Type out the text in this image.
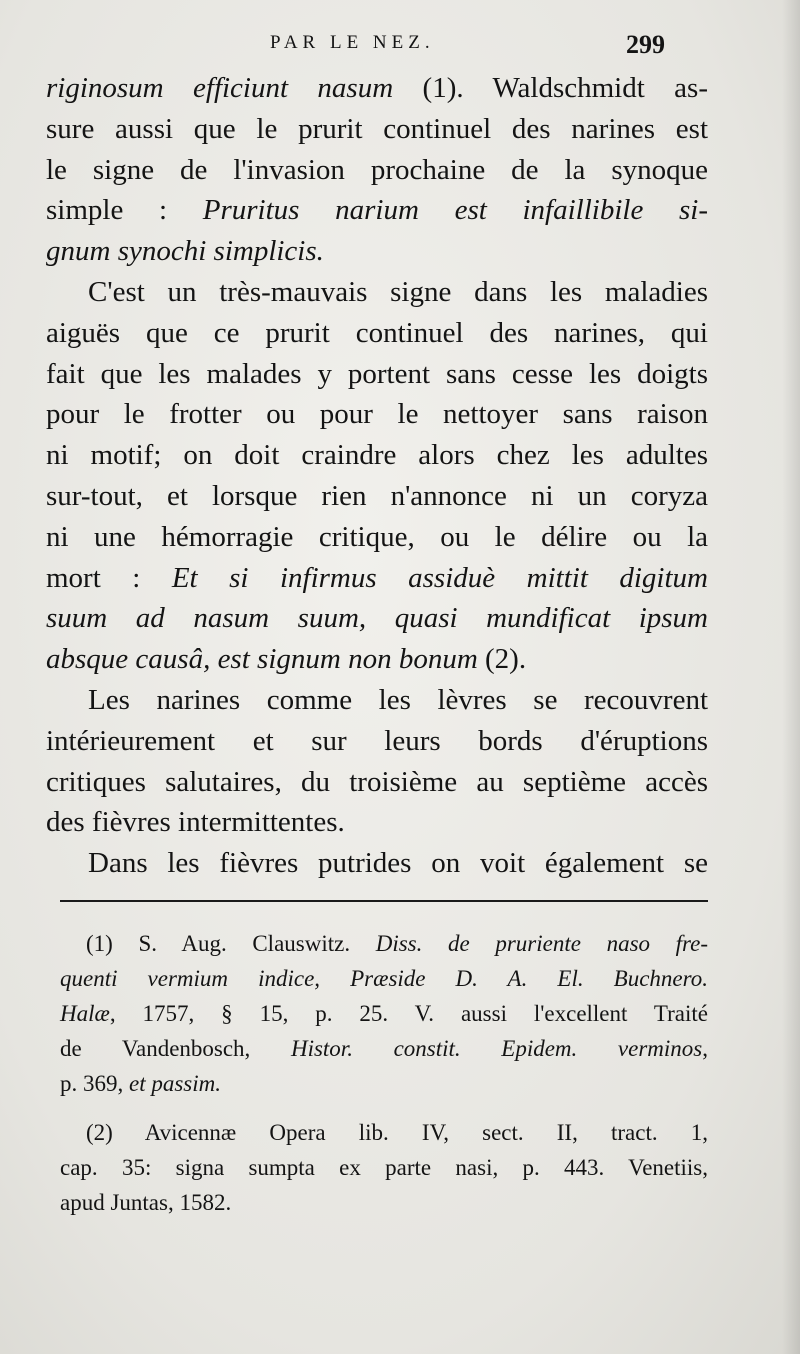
PAR LE NEZ.	299
riginosum efficiunt nasum (1). Waldschmidt as-
sure aussi que le prurit continuel des narines est
le signe de l'invasion prochaine de la synoque
simple : Pruritus narium est infaillibile si-
gnum synochi simplicis.
C'est un très-mauvais signe dans les maladies
aiguës que ce prurit continuel des narines, qui
fait que les malades y portent sans cesse les doigts
pour le frotter ou pour le nettoyer sans raison
ni motif; on doit craindre alors chez les adultes
sur-tout, et lorsque rien n'annonce ni un coryza
ni une hémorragie critique, ou le délire ou la
mort : Et si infirmus assiduè mittit digitum
suum ad nasum suum, quasi mundificat ipsum
absque causâ, est signum non bonum (2).
Les narines comme les lèvres se recouvrent
intérieurement et sur leurs bords d'éruptions
critiques salutaires, du troisième au septième accès
des fièvres intermittentes.
Dans les fièvres putrides on voit également se
(1) S. Aug. Clauswitz. Diss. de pruriente naso fre-
quenti vermium indice, Præside D. A. El. Buchnero.
Halæ, 1757, § 15, p. 25. V. aussi l'excellent Traité
de Vandenbosch, Histor. constit. Epidem. verminos,
p. 369, et passim.
(2) Avicennæ Opera lib. IV, sect. II, tract. 1,
cap. 35: signa sumpta ex parte nasi, p. 443. Venetiis,
apud Juntas, 1582.
